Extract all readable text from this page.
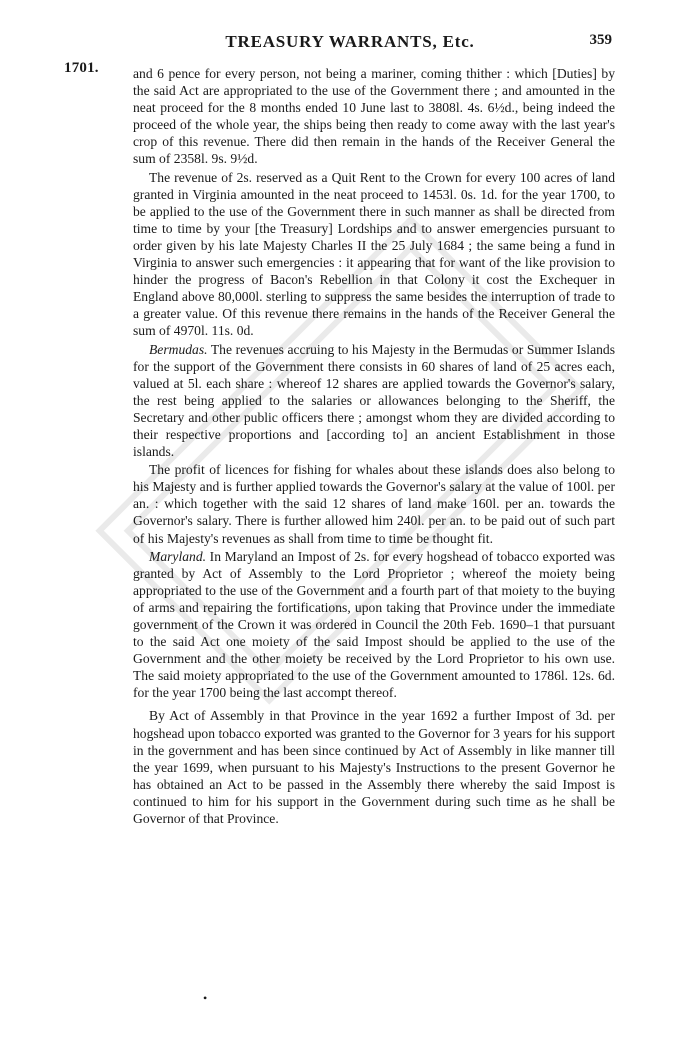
1701.
TREASURY WARRANTS, Etc.	359

and 6 pence for every person, not being a mariner, coming thither : which [Duties] by the said Act are appropriated to the use of the Government there ; and amounted in the neat proceed for the 8 months ended 10 June last to 3808l. 4s. 6½d., being indeed the proceed of the whole year, the ships being then ready to come away with the last year's crop of this revenue. There did then remain in the hands of the Receiver General the sum of 2358l. 9s. 9½d.

The revenue of 2s. reserved as a Quit Rent to the Crown for every 100 acres of land granted in Virginia amounted in the neat proceed to 1453l. 0s. 1d. for the year 1700, to be applied to the use of the Government there in such manner as shall be directed from time to time by your [the Treasury] Lordships and to answer emergencies pursuant to order given by his late Majesty Charles II the 25 July 1684 ; the same being a fund in Virginia to answer such emergencies : it appearing that for want of the like provision to hinder the progress of Bacon's Rebellion in that Colony it cost the Exchequer in England above 80,000l. sterling to suppress the same besides the interruption of trade to a greater value. Of this revenue there remains in the hands of the Receiver General the sum of 4970l. 11s. 0d.

Bermudas. The revenues accruing to his Majesty in the Bermudas or Summer Islands for the support of the Government there consists in 60 shares of land of 25 acres each, valued at 5l. each share : whereof 12 shares are applied towards the Governor's salary, the rest being applied to the salaries or allowances belonging to the Sheriff, the Secretary and other public officers there ; amongst whom they are divided according to their respective proportions and [according to] an ancient Establishment in those islands.

The profit of licences for fishing for whales about these islands does also belong to his Majesty and is further applied towards the Governor's salary at the value of 100l. per an. : which together with the said 12 shares of land make 160l. per an. towards the Governor's salary. There is further allowed him 240l. per an. to be paid out of such part of his Majesty's revenues as shall from time to time be thought fit.

Maryland. In Maryland an Impost of 2s. for every hogshead of tobacco exported was granted by Act of Assembly to the Lord Proprietor ; whereof the moiety being appropriated to the use of the Government and a fourth part of that moiety to the buying of arms and repairing the fortifications, upon taking that Province under the immediate government of the Crown it was ordered in Council the 20th Feb. 1690–1 that pursuant to the said Act one moiety of the said Impost should be applied to the use of the Government and the other moiety be received by the Lord Proprietor to his own use. The said moiety appropriated to the use of the Government amounted to 1786l. 12s. 6d. for the year 1700 being the last accompt thereof.

By Act of Assembly in that Province in the year 1692 a further Impost of 3d. per hogshead upon tobacco exported was granted to the Governor for 3 years for his support in the government and has been since continued by Act of Assembly in like manner till the year 1699, when pursuant to his Majesty's Instructions to the present Governor he has obtained an Act to be passed in the Assembly there whereby the said Impost is continued to him for his support in the Government during such time as he shall be Governor of that Province.

•
